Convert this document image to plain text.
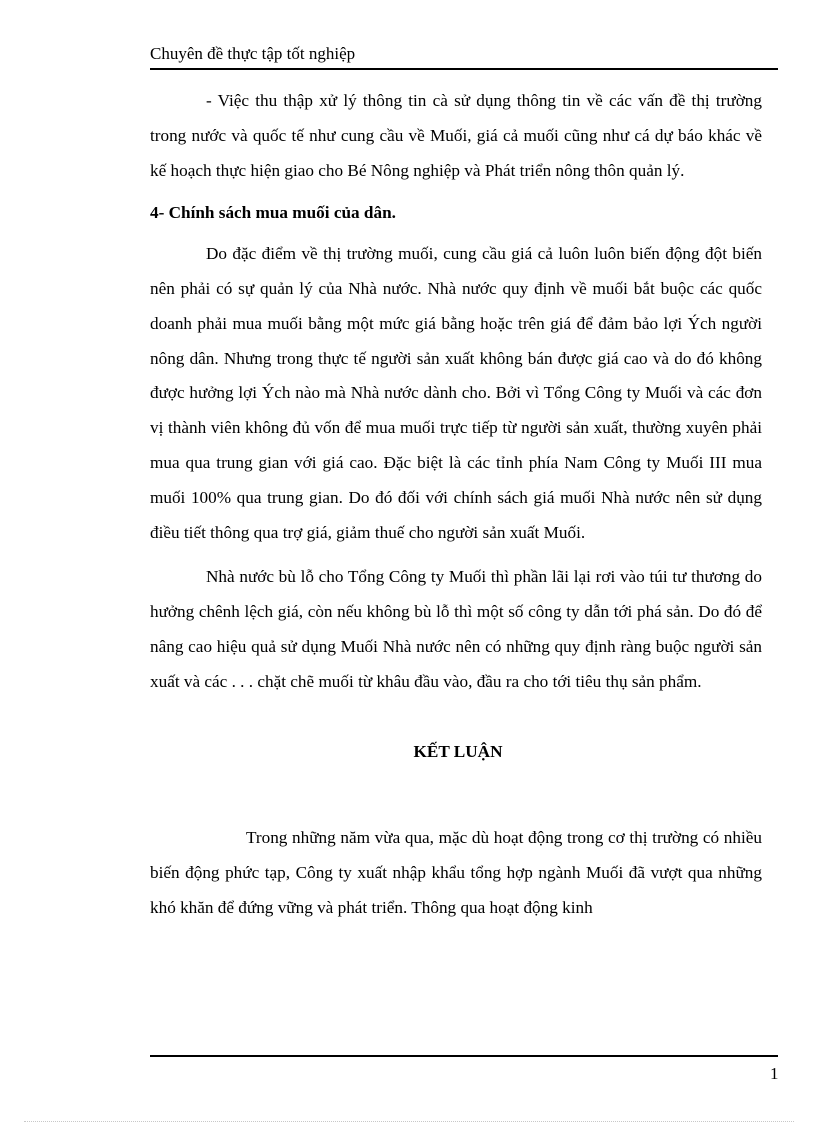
Chuyên đề thực tập tốt nghiệp

- Việc thu thập xử lý thông tin cà sử dụng thông tin về các vấn đề thị trường trong nước và quốc tế như cung cầu về Muối, giá cả muối cũng như cá dự báo khác về kế hoạch thực hiện giao cho Bé Nông nghiệp và Phát triển nông thôn quản lý.

4- Chính sách mua muối của dân.

Do đặc điểm về thị trường muối, cung cầu giá cả luôn luôn biến động đột biến nên phải có sự quản lý của Nhà nước. Nhà nước quy định về muối bắt buộc các quốc doanh phải mua muối bằng một mức giá bằng hoặc trên giá để đảm bảo lợi Ých người nông dân. Nhưng trong thực tế người sản xuất không bán được giá cao và do đó không được hưởng lợi Ých nào mà Nhà nước dành cho. Bởi vì Tổng Công ty Muối và các đơn vị thành viên không đủ vốn để mua muối trực tiếp từ người sản xuất, thường xuyên phải mua qua trung gian với giá cao. Đặc biệt là các tỉnh phía Nam Công ty Muối III mua muối 100% qua trung gian. Do đó đối với chính sách giá muối Nhà nước nên sử dụng điều tiết thông qua trợ giá, giảm thuế cho người sản xuất Muối.

Nhà nước bù lỗ cho Tổng Công ty Muối thì phần lãi lại rơi vào túi tư thương do hưởng chênh lệch giá, còn nếu không bù lỗ thì một số công ty dẫn tới phá sản. Do đó để nâng cao hiệu quả sử dụng Muối Nhà nước nên có những quy định ràng buộc người sản xuất và các . . . chặt chẽ muối từ khâu đầu vào, đầu ra cho tới tiêu thụ sản phẩm.

KẾT LUẬN

Trong những năm vừa qua, mặc dù hoạt động trong cơ thị trường có nhiều biến động phức tạp, Công ty xuất nhập khẩu tổng hợp ngành Muối đã vượt qua những khó khăn để đứng vững và phát triển. Thông qua hoạt động kinh

1
